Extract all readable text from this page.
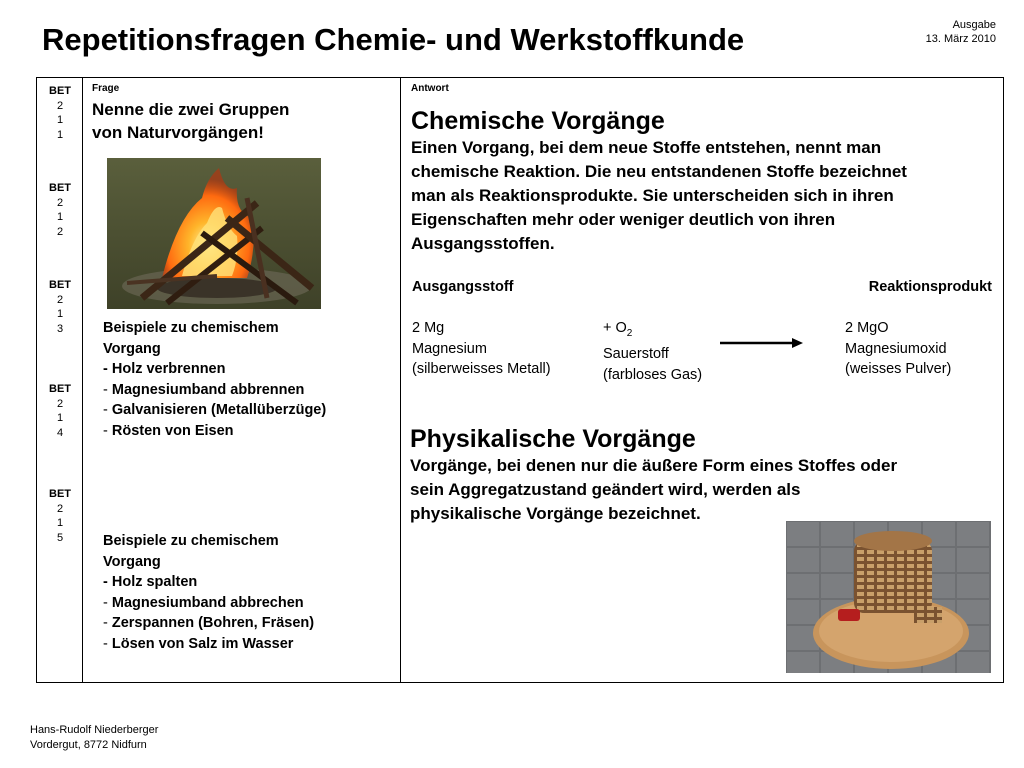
Repetitionsfragen Chemie- und Werkstoffkunde	Ausgabe
13. März 2010
BET
2
1
1
BET
2
1
2
BET
2
1
3
BET
2
1
4
BET
2
1
5
Frage
Nenne die zwei Gruppen
von Naturvorgängen!
Beispiele zu chemischem
Vorgang
- Holz verbrennen
- Magnesiumband abbrennen
- Galvanisieren (Metallüberzüge)
- Rösten von Eisen
Beispiele zu chemischem
Vorgang
- Holz spalten
- Magnesiumband abbrechen
- Zerspannen (Bohren, Fräsen)
- Lösen von Salz im Wasser
Antwort
Chemische Vorgänge
Einen Vorgang, bei dem neue Stoffe entstehen, nennt man
chemische Reaktion. Die neu entstandenen Stoffe bezeichnet
man als Reaktionsprodukte. Sie unterscheiden sich in ihren
Eigenschaften mehr oder weniger deutlich von ihren
Ausgangsstoffen.
Ausgangsstoff	Reaktionsprodukt
2 Mg
Magnesium
(silberweisses Metall)
+ $O_2$
Sauerstoff
(farbloses Gas)
2 MgO
Magnesiumoxid
(weisses Pulver)
Physikalische Vorgänge
Vorgänge, bei denen nur die äußere Form eines Stoffes oder
sein Aggregatzustand geändert wird, werden als
physikalische Vorgänge bezeichnet.
Hans-Rudolf Niederberger
Vordergut, 8772 Nidfurn
